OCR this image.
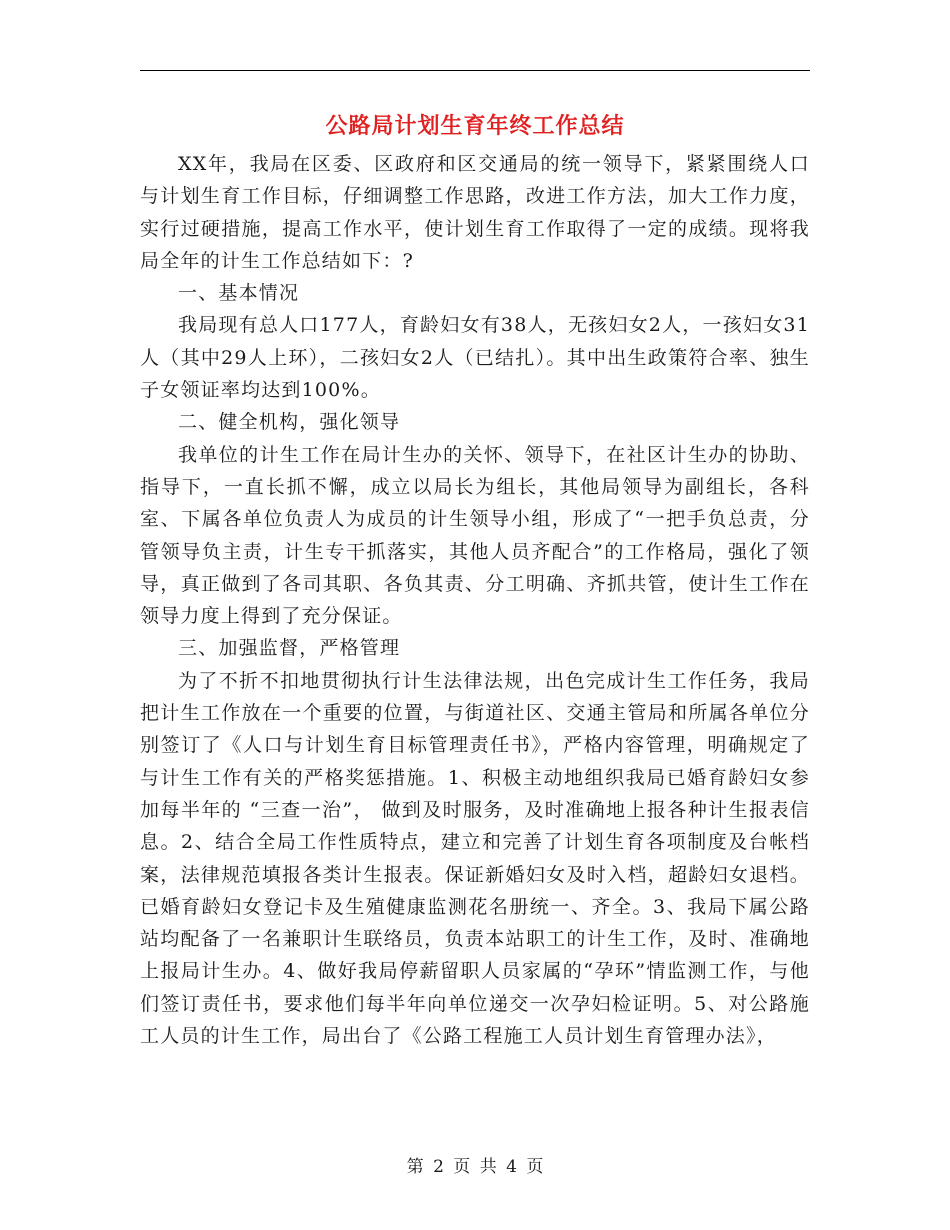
公路局计划生育年终工作总结

XX年，我局在区委、区政府和区交通局的统一领导下，紧紧围绕人口与计划生育工作目标，仔细调整工作思路，改进工作方法，加大工作力度，实行过硬措施，提高工作水平，使计划生育工作取得了一定的成绩。现将我局全年的计生工作总结如下：?

一、基本情况

我局现有总人口177人，育龄妇女有38人，无孩妇女2人，一孩妇女31人（其中29人上环），二孩妇女2人（已结扎）。其中出生政策符合率、独生子女领证率均达到100%。

二、健全机构，强化领导

我单位的计生工作在局计生办的关怀、领导下，在社区计生办的协助、指导下，一直长抓不懈，成立以局长为组长，其他局领导为副组长，各科室、下属各单位负责人为成员的计生领导小组，形成了“一把手负总责，分管领导负主责，计生专干抓落实，其他人员齐配合”的工作格局，强化了领导，真正做到了各司其职、各负其责、分工明确、齐抓共管，使计生工作在领导力度上得到了充分保证。

三、加强监督，严格管理

为了不折不扣地贯彻执行计生法律法规，出色完成计生工作任务，我局把计生工作放在一个重要的位置，与街道社区、交通主管局和所属各单位分别签订了《人口与计划生育目标管理责任书》，严格内容管理，明确规定了与计生工作有关的严格奖惩措施。1、积极主动地组织我局已婚育龄妇女参加每半年的 “三查一治”， 做到及时服务，及时准确地上报各种计生报表信息。2、结合全局工作性质特点，建立和完善了计划生育各项制度及台帐档案，法律规范填报各类计生报表。保证新婚妇女及时入档，超龄妇女退档。已婚育龄妇女登记卡及生殖健康监测花名册统一、齐全。3、我局下属公路站均配备了一名兼职计生联络员，负责本站职工的计生工作，及时、准确地上报局计生办。4、做好我局停薪留职人员家属的“孕环”情监测工作，与他们签订责任书，要求他们每半年向单位递交一次孕妇检证明。5、对公路施工人员的计生工作，局出台了《公路工程施工人员计划生育管理办法》，

第 2 页 共 4 页
